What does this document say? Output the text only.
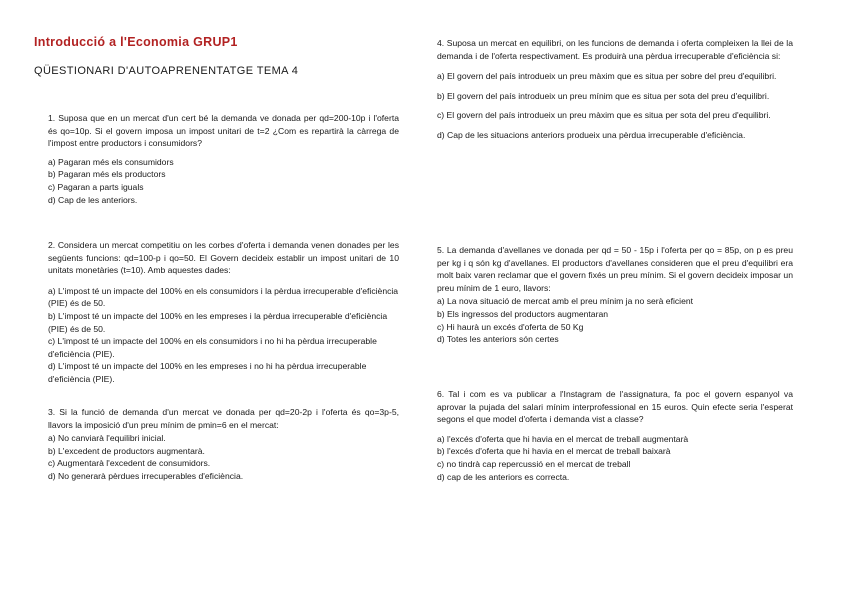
Introducció a l'Economia GRUP1
QÜESTIONARI D'AUTOAPRENENTATGE TEMA 4

1. Suposa que en un mercat d'un cert bé la demanda ve donada per qd=200-10p i l'oferta és qo=10p. Si el govern imposa un impost unitari de t=2 ¿Com es repartirà la càrrega de l'impost entre productors i consumidors?

a) Pagaran més els consumidors
b) Pagaran més els productors
c) Pagaran a parts iguals
d) Cap de les anteriors.

2. Considera un mercat competitiu on les corbes d'oferta i demanda venen donades per les següents funcions: qd=100-p i qo=50. El Govern decideix establir un impost unitari de 10 unitats monetàries (t=10). Amb aquestes dades:

a) L'impost té un impacte del 100% en els consumidors i la pèrdua irrecuperable d'eficiència (PIE) és de 50.
b) L'impost té un impacte del 100% en les empreses i la pèrdua irrecuperable d'eficiència (PIE) és de 50.
c) L'impost té un impacte del 100% en els consumidors i no hi ha pèrdua irrecuperable d'eficiència (PIE).
d) L'impost té un impacte del 100% en les empreses i no hi ha pèrdua irrecuperable d'eficiència (PIE).

3. Si la funció de demanda d'un mercat ve donada per qd=20-2p i l'oferta és qo=3p-5, llavors la imposició d'un preu mínim de pmin=6 en el mercat:

a) No canviarà l'equilibri inicial.
b) L'excedent de productors augmentarà.
c) Augmentarà l'excedent de consumidors.
d) No generarà pèrdues irrecuperables d'eficiència.

4. Suposa un mercat en equilibri, on les funcions de demanda i oferta compleixen la llei de la demanda i de l'oferta respectivament. Es produirà una pèrdua irrecuperable d'eficiència si:

a) El govern del país introdueix un preu màxim que es situa per sobre del preu d'equilibri.
b) El govern del país introdueix un preu mínim que es situa per sota del preu d'equilibri.
c) El govern del país introdueix un preu màxim que es situa per sota del preu d'equilibri.
d) Cap de les situacions anteriors produeix una pèrdua irrecuperable d'eficiència.

5. La demanda d'avellanes ve donada per qd = 50 - 15p i l'oferta per qo = 85p, on p es preu per kg i q són kg d'avellanes. El productors d'avellanes consideren que el preu d'equilibri era molt baix varen reclamar que el govern fixés un preu mínim. Si el govern decideix imposar un preu mínim de 1 euro, llavors:

a) La nova situació de mercat amb el preu mínim ja no serà eficient
b) Els ingressos del productors augmentaran
c) Hi haurà un excés d'oferta de 50 Kg
d) Totes les anteriors són certes

6. Tal i com es va publicar a l'Instagram de l'assignatura, fa poc el govern espanyol va aprovar la pujada del salari mínim interprofessional en 15 euros. Quin efecte seria l'esperat segons el que model d'oferta i demanda vist a classe?

a) l'excés d'oferta que hi havia en el mercat de treball augmentarà
b) l'excés d'oferta que hi havia en el mercat de treball baixarà
c) no tindrà cap repercussió en el mercat de treball
d) cap de les anteriors es correcta.
